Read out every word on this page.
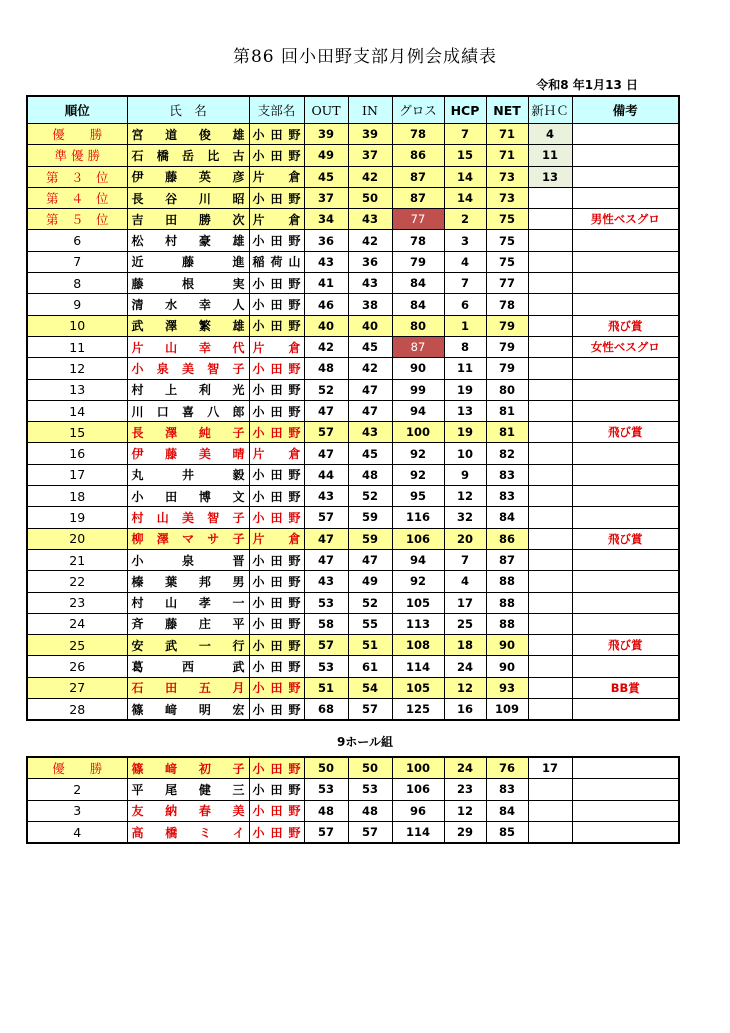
第86 回小田野支部月例会成績表
令和8 年1月13 日
順位	氏　名	支部名	OUT	IN	グロス	HCP	NET	新ＨＣ	備考
優　　勝	宮道俊雄	小田野	39	39	78	7	71	4	
準 優 勝	石橋岳比古	小田野	49	37	86	15	71	11	
第　３　位	伊藤英彦	片倉	45	42	87	14	73	13	
第　４　位	長谷川昭	小田野	37	50	87	14	73		
第　５　位	吉田勝次	片倉	34	43	77	2	75		男性ベスグロ
6	松村豪雄	小田野	36	42	78	3	75		
7	近藤進	稲荷山	43	36	79	4	75		
8	藤根実	小田野	41	43	84	7	77		
9	清水幸人	小田野	46	38	84	6	78		
10	武澤繁雄	小田野	40	40	80	1	79		飛び賞
11	片山幸代	片倉	42	45	87	8	79		女性ベスグロ
12	小泉美智子	小田野	48	42	90	11	79		
13	村上利光	小田野	52	47	99	19	80		
14	川口喜八郎	小田野	47	47	94	13	81		
15	長澤純子	小田野	57	43	100	19	81		飛び賞
16	伊藤美晴	片倉	47	45	92	10	82		
17	丸井毅	小田野	44	48	92	9	83		
18	小田博文	小田野	43	52	95	12	83		
19	村山美智子	小田野	57	59	116	32	84		
20	柳澤マサ子	片倉	47	59	106	20	86		飛び賞
21	小泉晋	小田野	47	47	94	7	87		
22	榛葉邦男	小田野	43	49	92	4	88		
23	村山孝一	小田野	53	52	105	17	88		
24	斉藤庄平	小田野	58	55	113	25	88		
25	安武一行	小田野	57	51	108	18	90		飛び賞
26	葛西武	小田野	53	61	114	24	90		
27	石田五月	小田野	51	54	105	12	93		BB賞
28	篠﨑明宏	小田野	68	57	125	16	109		
9ホール組
優　　勝	篠﨑初子	小田野	50	50	100	24	76	17	
2	平尾健三	小田野	53	53	106	23	83		
3	友納春美	小田野	48	48	96	12	84		
4	高橋ミイ	小田野	57	57	114	29	85		
